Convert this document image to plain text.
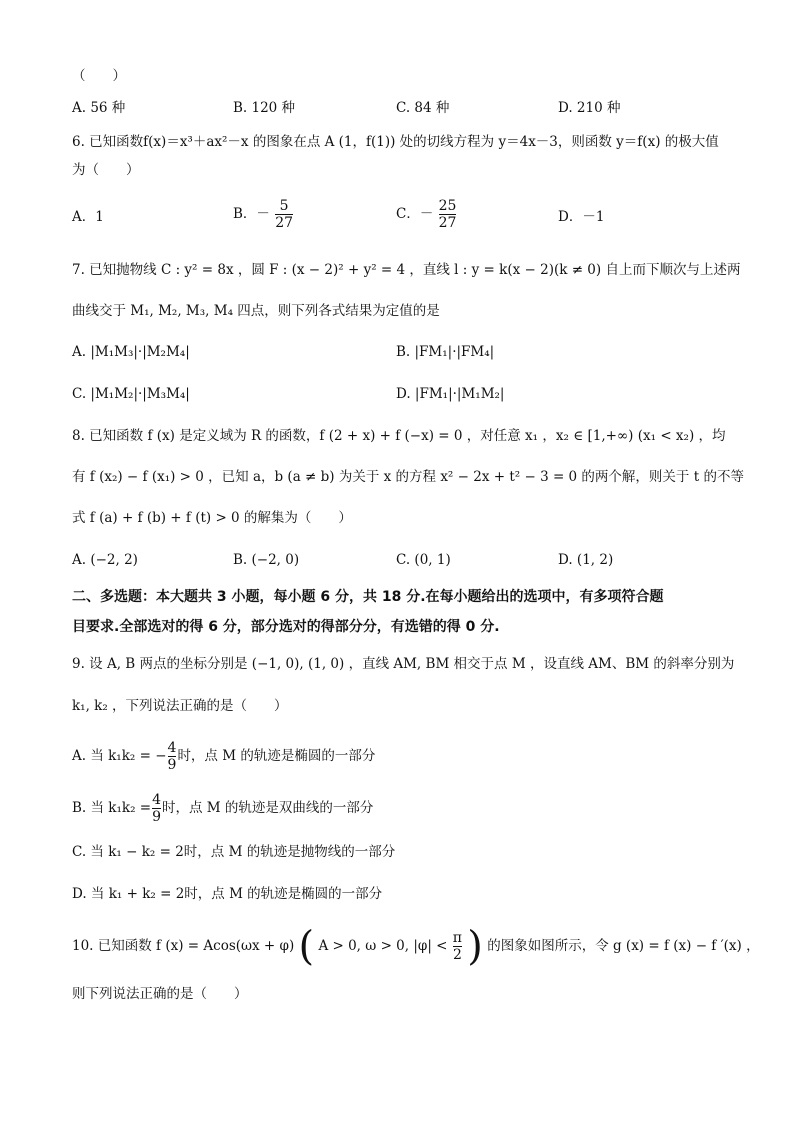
（　　）
A. 56 种	B. 120 种	C. 84 种	D. 210 种
6. 已知函数f(x)＝x³＋ax²－x 的图象在点 A (1，f(1)) 处的切线方程为 y＝4x－3，则函数 y＝f(x) 的极大值
为（　　）
A．1	B．－ $\frac{5}{27}$	C．－ $\frac{25}{27}$	D．－1
7. 已知抛物线 C : y² = 8x ，圆 F : (x − 2)² + y² = 4 ，直线 l : y = k(x − 2)(k ≠ 0) 自上而下顺次与上述两
曲线交于 M₁, M₂, M₃, M₄ 四点，则下列各式结果为定值的是
A. |M₁M₃|·|M₂M₄|	B. |FM₁|·|FM₄|
C. |M₁M₂|·|M₃M₄|	D. |FM₁|·|M₁M₂|
8. 已知函数 f (x) 是定义域为 R 的函数，f (2 + x) + f (−x) = 0 ，对任意 x₁ ，x₂ ∈ [1,+∞) (x₁ < x₂) ，均
有 f (x₂) − f (x₁) > 0 ，已知 a，b (a ≠ b) 为关于 x 的方程 x² − 2x + t² − 3 = 0 的两个解，则关于 t 的不等
式 f (a) + f (b) + f (t) > 0 的解集为（　　）
A. (−2, 2)	B. (−2, 0)	C. (0, 1)	D. (1, 2)
二、多选题：本大题共 3 小题，每小题 6 分，共 18 分.在每小题给出的选项中，有多项符合题
目要求.全部选对的得 6 分，部分选对的得部分分，有选错的得 0 分.
9. 设 A, B 两点的坐标分别是 (−1, 0), (1, 0) ，直线 AM, BM 相交于点 M ，设直线 AM、BM 的斜率分别为
k₁, k₂ ，下列说法正确的是（　　）
A. 当 k₁k₂ = − $\frac{4}{9}$ 时，点 M 的轨迹是椭圆的一部分
B. 当 $k_1k_2 = \frac{4}{9}$ 时，点 M 的轨迹是双曲线的一部分
C. 当 k₁ − k₂ = 2时，点 M 的轨迹是抛物线的一部分
D. 当 k₁ + k₂ = 2时，点 M 的轨迹是椭圆的一部分
10. 已知函数 f (x) = Acos(ωx + φ) ( A > 0, ω > 0, $|\varphi| < \frac{\pi}{2}$ ) 的图象如图所示，令 g (x) = f (x) − f ′(x) ，
则下列说法正确的是（　　）
